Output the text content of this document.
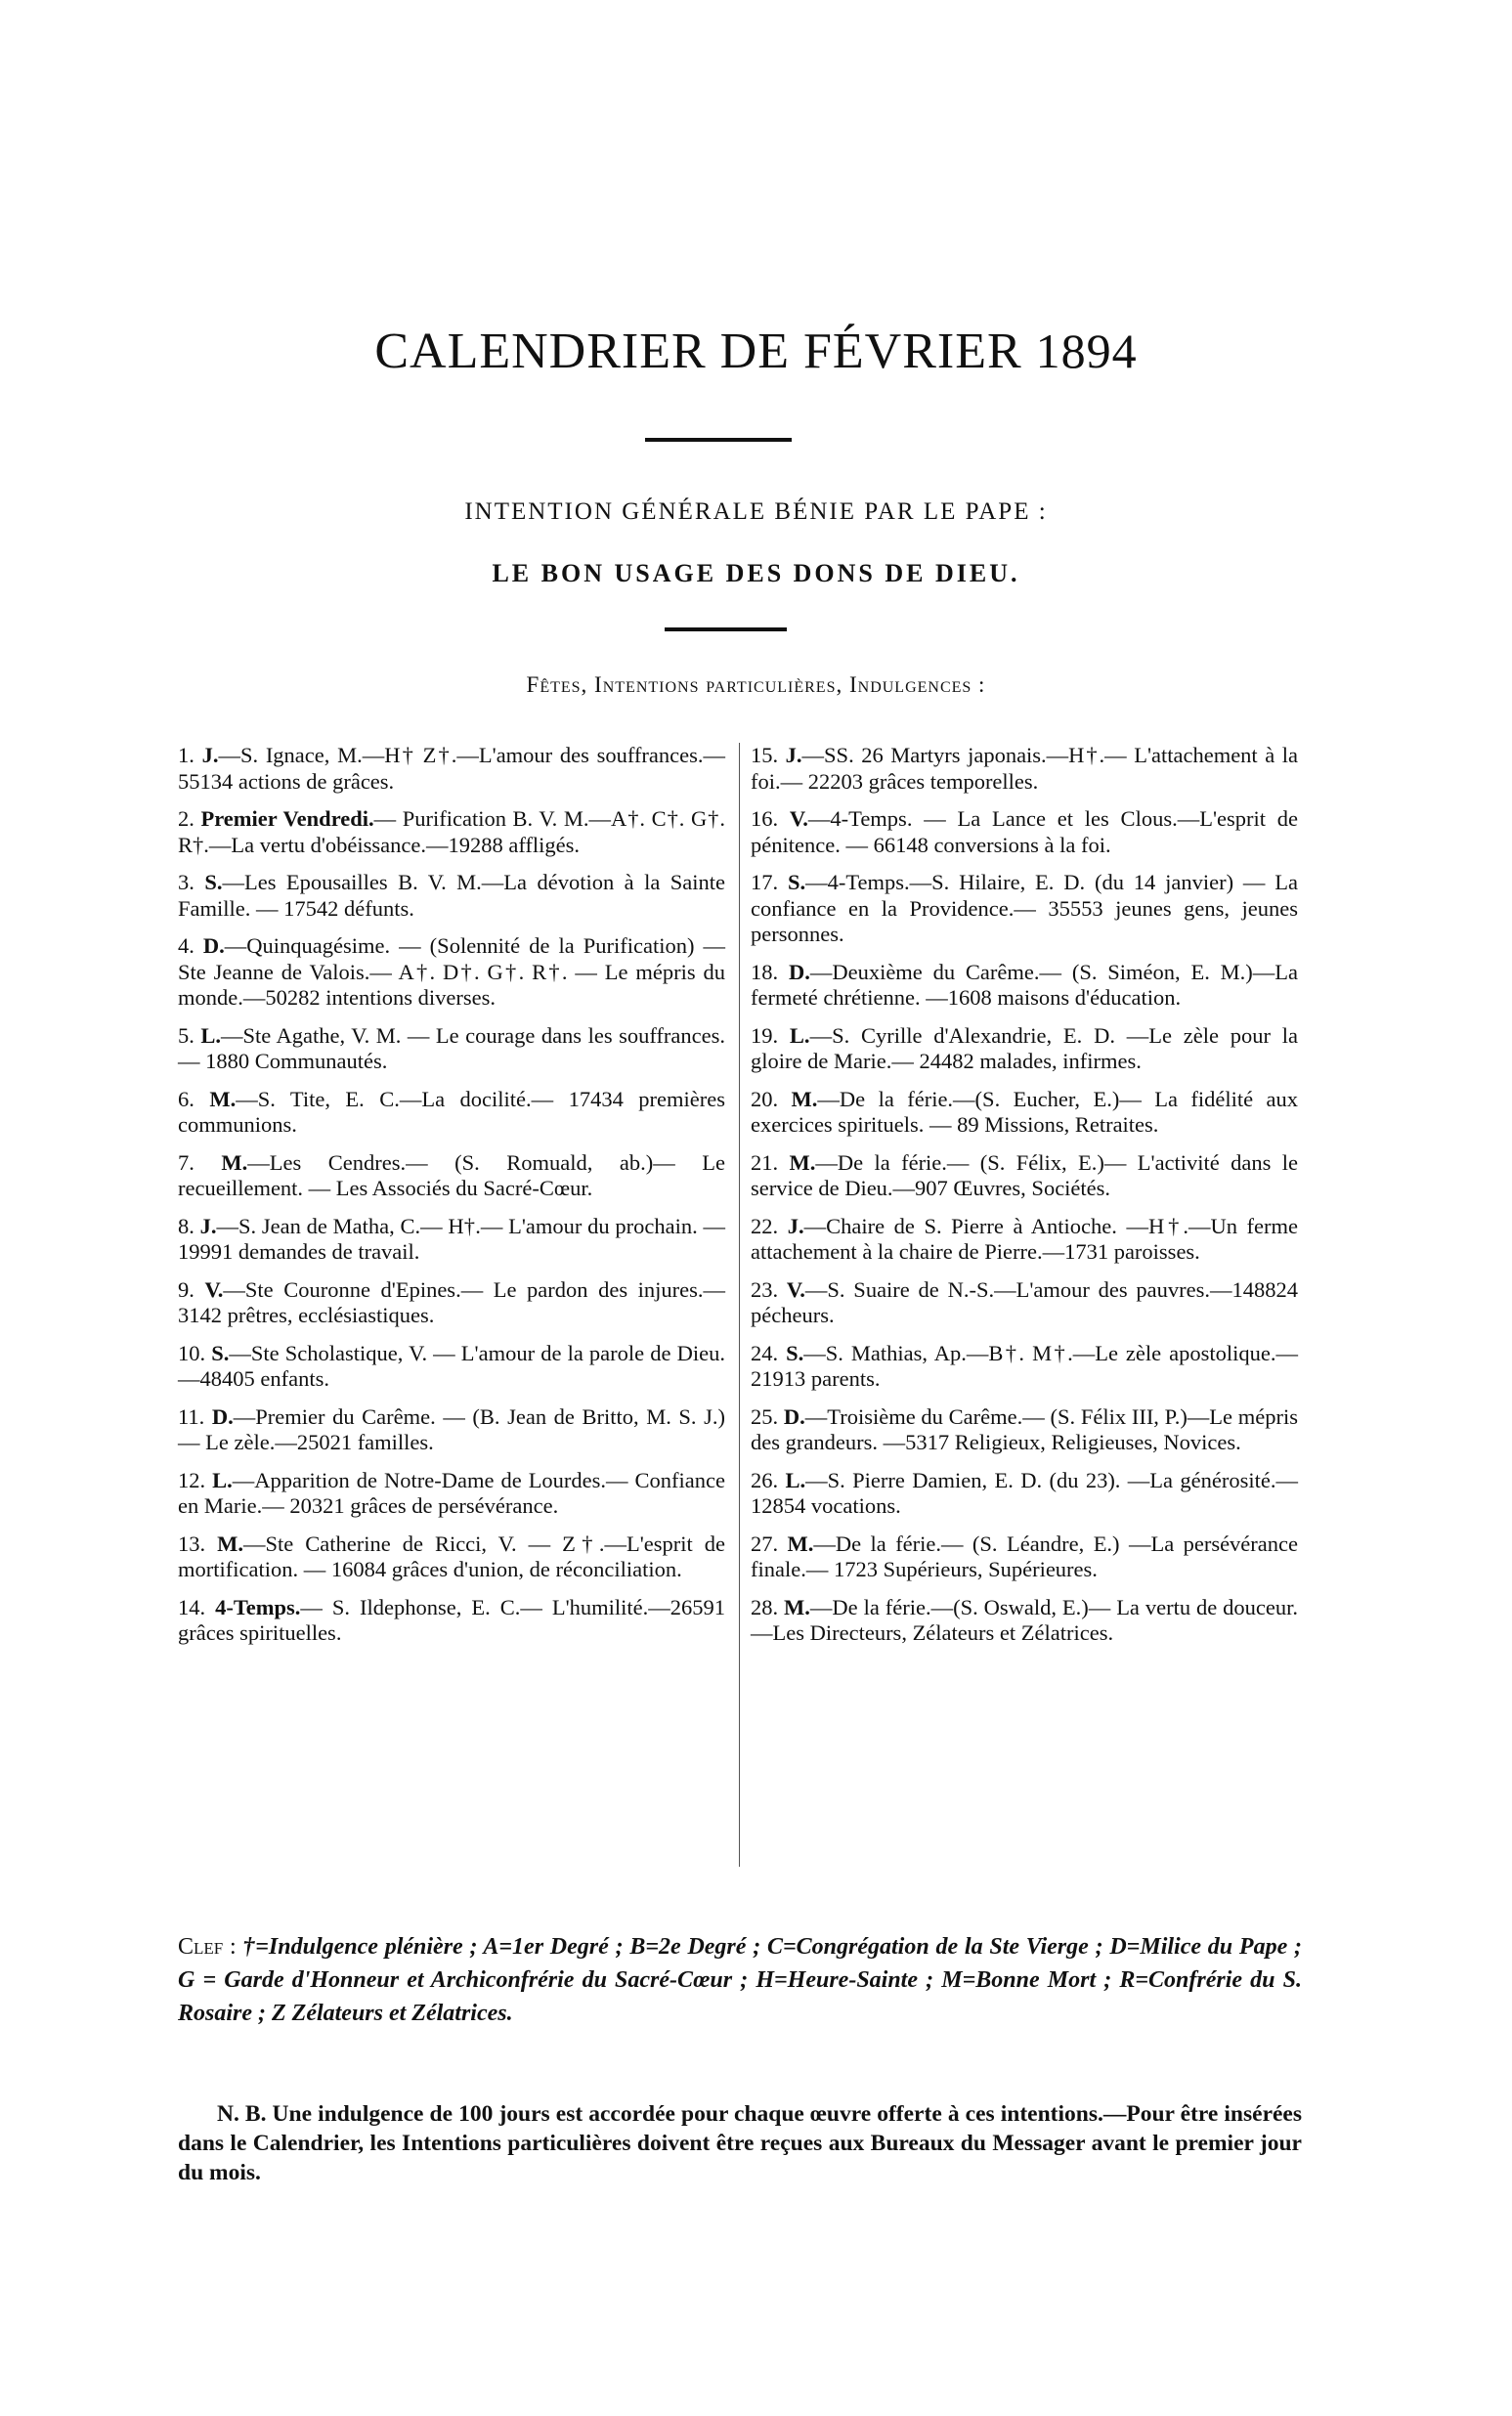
CALENDRIER DE FÉVRIER 1894
INTENTION GÉNÉRALE BÉNIE PAR LE PAPE :
LE BON USAGE DES DONS DE DIEU.
Fêtes, Intentions particulières, Indulgences :

1. J.—S. Ignace, M.—H† Z†.—L'amour des souffrances.—55134 actions de grâces.

2. Premier Vendredi.— Purification B. V. M.—A†. C†. G†. R†.—La vertu d'obéissance.—19288 affligés.

3. S.—Les Epousailles B. V. M.—La dévotion à la Sainte Famille. — 17542 défunts.

4. D.—Quinquagésime. — (Solennité de la Purification) — Ste Jeanne de Valois.— A†. D†. G†. R†. — Le mépris du monde.—50282 intentions diverses.

5. L.—Ste Agathe, V. M. — Le courage dans les souffrances. — 1880 Communautés.

6. M.—S. Tite, E. C.—La docilité.— 17434 premières communions.

7. M.—Les Cendres.— (S. Romuald, ab.)— Le recueillement. — Les Associés du Sacré-Cœur.

8. J.—S. Jean de Matha, C.— H†.— L'amour du prochain. — 19991 demandes de travail.

9. V.—Ste Couronne d'Epines.— Le pardon des injures.—3142 prêtres, ecclésiastiques.

10. S.—Ste Scholastique, V. — L'amour de la parole de Dieu.—48405 enfants.

11. D.—Premier du Carême. — (B. Jean de Britto, M. S. J.) — Le zèle.—25021 familles.

12. L.—Apparition de Notre-Dame de Lourdes.— Confiance en Marie.— 20321 grâces de persévérance.

13. M.—Ste Catherine de Ricci, V. — Z†.—L'esprit de mortification. — 16084 grâces d'union, de réconciliation.

14. 4-Temps.— S. Ildephonse, E. C.— L'humilité.—26591 grâces spirituelles.

15. J.—SS. 26 Martyrs japonais.—H†.— L'attachement à la foi.— 22203 grâces temporelles.

16. V.—4-Temps. — La Lance et les Clous.—L'esprit de pénitence. — 66148 conversions à la foi.

17. S.—4-Temps.—S. Hilaire, E. D. (du 14 janvier) — La confiance en la Providence.— 35553 jeunes gens, jeunes personnes.

18. D.—Deuxième du Carême.— (S. Siméon, E. M.)—La fermeté chrétienne. —1608 maisons d'éducation.

19. L.—S. Cyrille d'Alexandrie, E. D. —Le zèle pour la gloire de Marie.— 24482 malades, infirmes.

20. M.—De la férie.—(S. Eucher, E.)— La fidélité aux exercices spirituels. — 89 Missions, Retraites.

21. M.—De la férie.— (S. Félix, E.)— L'activité dans le service de Dieu.—907 Œuvres, Sociétés.

22. J.—Chaire de S. Pierre à Antioche. —H†.—Un ferme attachement à la chaire de Pierre.—1731 paroisses.

23. V.—S. Suaire de N.-S.—L'amour des pauvres.—148824 pécheurs.

24. S.—S. Mathias, Ap.—B†. M†.—Le zèle apostolique.—21913 parents.

25. D.—Troisième du Carême.— (S. Félix III, P.)—Le mépris des grandeurs. —5317 Religieux, Religieuses, Novices.

26. L.—S. Pierre Damien, E. D. (du 23). —La générosité.—12854 vocations.

27. M.—De la férie.— (S. Léandre, E.) —La persévérance finale.— 1723 Supérieurs, Supérieures.

28. M.—De la férie.—(S. Oswald, E.)— La vertu de douceur.—Les Directeurs, Zélateurs et Zélatrices.

Clef : †=Indulgence plénière ; A=1er Degré ; B=2e Degré ; C=Congrégation de la Ste Vierge ; D=Milice du Pape ; G = Garde d'Honneur et Archiconfrérie du Sacré-Cœur ; H=Heure-Sainte ; M=Bonne Mort ; R=Confrérie du S. Rosaire ; Z Zélateurs et Zélatrices.
N. B. Une indulgence de 100 jours est accordée pour chaque œuvre offerte à ces intentions.—Pour être insérées dans le Calendrier, les Intentions particulières doivent être reçues aux Bureaux du Messager avant le premier jour du mois.
